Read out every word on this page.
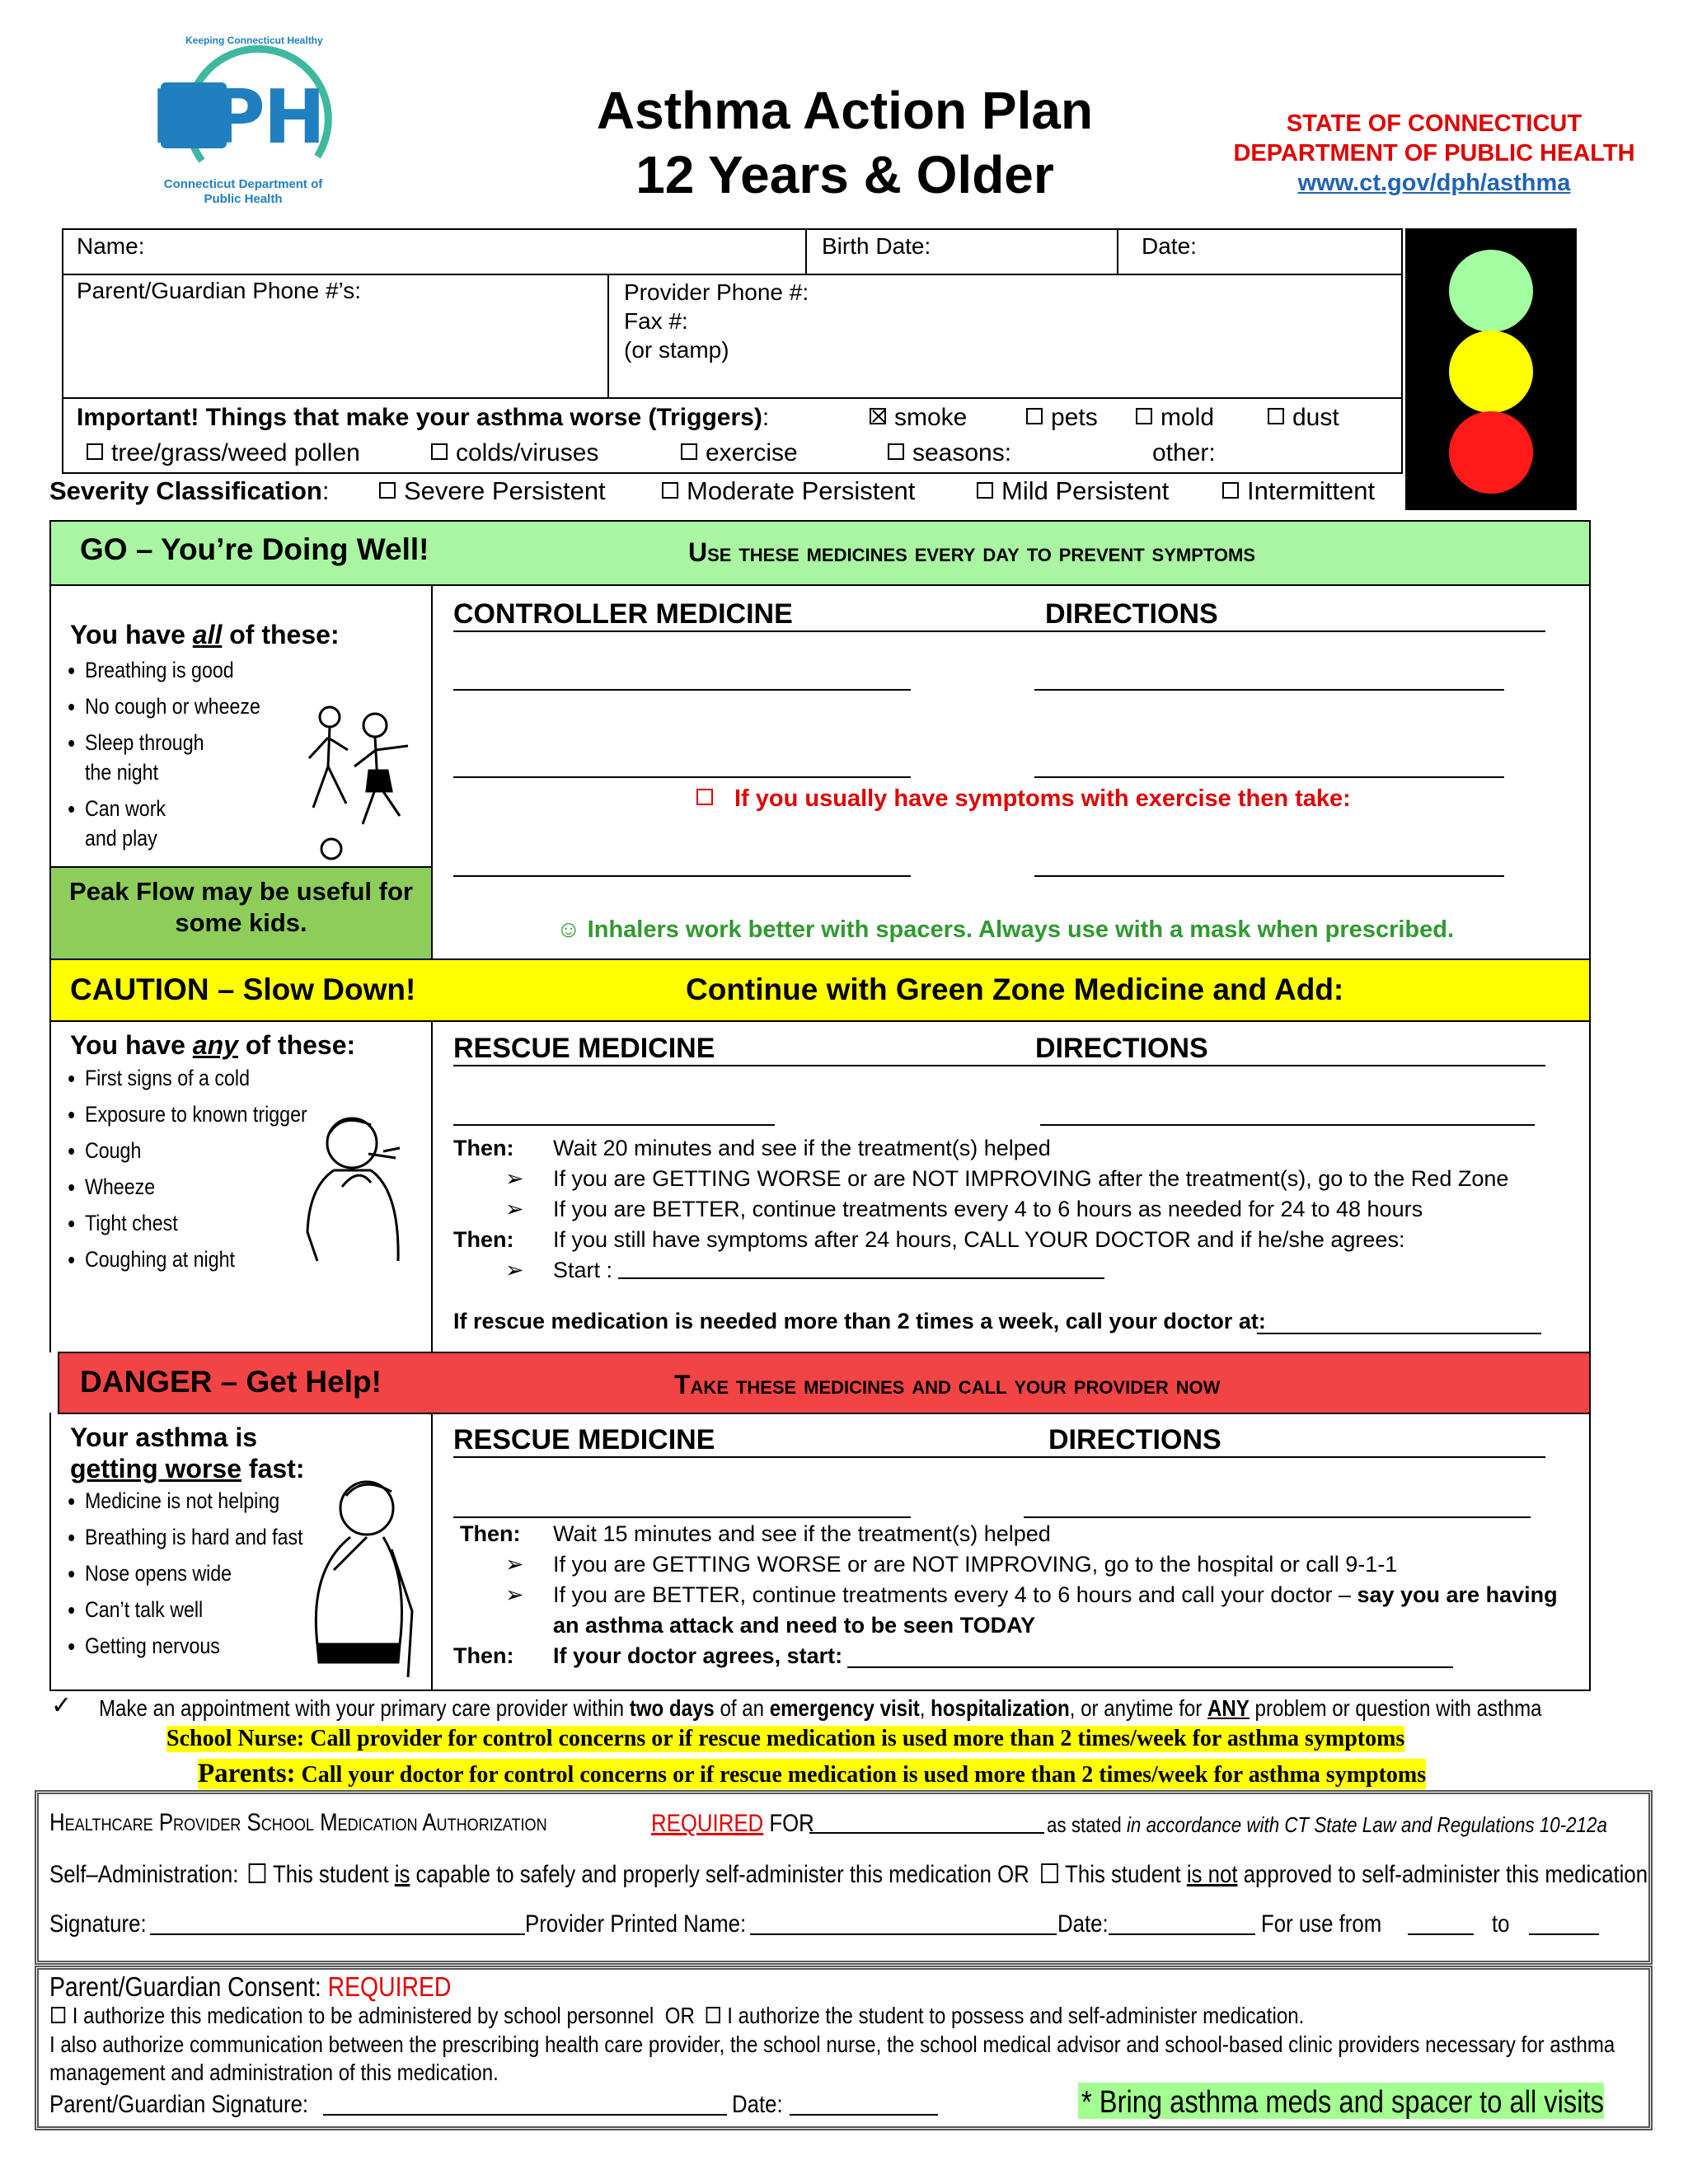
DPH
Keeping Connecticut Healthy
Connecticut Department of Public Health
Asthma Action Plan
12 Years & Older
STATE OF CONNECTICUT
DEPARTMENT OF PUBLIC HEALTH
www.ct.gov/dph/asthma
Name:	Birth Date:	Date:
Parent/Guardian Phone #’s:	Provider Phone #:
Fax #:
(or stamp)
Important! Things that make your asthma worse (Triggers):	smoke	pets	mold	dust
tree/grass/weed pollen	colds/viruses	exercise	seasons:	other:
Severity Classification:	Severe Persistent	Moderate Persistent	Mild Persistent	Intermittent
GO – You’re Doing Well!	Use these medicines every day to prevent symptoms
You have all of these:
• Breathing is good
• No cough or wheeze
• Sleep through the night
• Can work and play
Peak Flow may be useful for some kids.
CONTROLLER MEDICINE	DIRECTIONS
If you usually have symptoms with exercise then take:
☺ Inhalers work better with spacers. Always use with a mask when prescribed.
CAUTION – Slow Down!	Continue with Green Zone Medicine and Add:
You have any of these:
• First signs of a cold
• Exposure to known trigger
• Cough
• Wheeze
• Tight chest
• Coughing at night
RESCUE MEDICINE	DIRECTIONS
Then: Wait 20 minutes and see if the treatment(s) helped
➢ If you are GETTING WORSE or are NOT IMPROVING after the treatment(s), go to the Red Zone
➢ If you are BETTER, continue treatments every 4 to 6 hours as needed for 24 to 48 hours
Then: If you still have symptoms after 24 hours, CALL YOUR DOCTOR and if he/she agrees:
➢ Start :
If rescue medication is needed more than 2 times a week, call your doctor at:
DANGER – Get Help!	Take these medicines and call your provider now
Your asthma is
getting worse fast:
• Medicine is not helping
• Breathing is hard and fast
• Nose opens wide
• Can’t talk well
• Getting nervous
RESCUE MEDICINE	DIRECTIONS
Then: Wait 15 minutes and see if the treatment(s) helped
➢ If you are GETTING WORSE or are NOT IMPROVING, go to the hospital or call 9-1-1
➢ If you are BETTER, continue treatments every 4 to 6 hours and call your doctor – say you are having
an asthma attack and need to be seen TODAY
Then: If your doctor agrees, start:
✓ Make an appointment with your primary care provider within two days of an emergency visit, hospitalization, or anytime for ANY problem or question with asthma
School Nurse: Call provider for control concerns or if rescue medication is used more than 2 times/week for asthma symptoms
Parents: Call your doctor for control concerns or if rescue medication is used more than 2 times/week for asthma symptoms
Healthcare Provider School Medication Authorization	REQUIRED FOR	as stated in accordance with CT State Law and Regulations 10-212a
Self–Administration: This student is capable to safely and properly self-administer this medication OR This student is not approved to self-administer this medication
Signature:	Provider Printed Name:	Date:	For use from	to
Parent/Guardian Consent: REQUIRED
I authorize this medication to be administered by school personnel OR I authorize the student to possess and self-administer medication.
I also authorize communication between the prescribing health care provider, the school nurse, the school medical advisor and school-based clinic providers necessary for asthma management and administration of this medication.
Parent/Guardian Signature:	Date:	* Bring asthma meds and spacer to all visits
